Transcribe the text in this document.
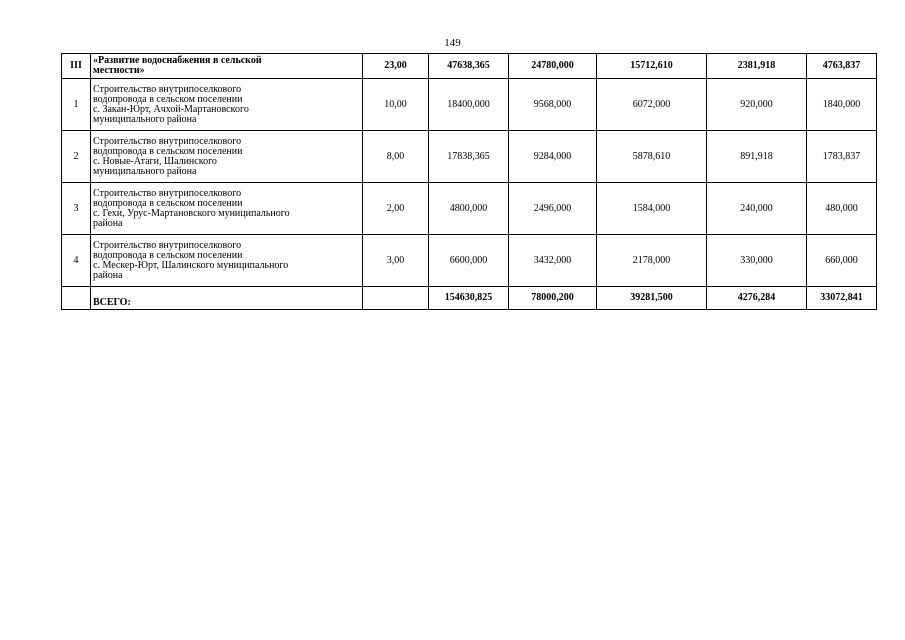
149
III	«Развитие водоснабжения в сельской
местности»	23,00	47638,365	24780,000	15712,610	2381,918	4763,837
1	Строительство внутрипоселкового
водопровода в сельском поселении
с. Закан-Юрт, Ачхой-Мартановского
муниципального района	10,00	18400,000	9568,000	6072,000	920,000	1840,000
2	Строительство внутрипоселкового
водопровода в сельском поселении
с. Новые-Атаги, Шалинского
муниципального района	8,00	17838,365	9284,000	5878,610	891,918	1783,837
3	Строительство внутрипоселкового
водопровода в сельском поселении
с. Гехи, Урус-Мартановского муниципального
района	2,00	4800,000	2496,000	1584,000	240,000	480,000
4	Строительство внутрипоселкового
водопровода в сельском поселении
с. Мескер-Юрт, Шалинского муниципального
района	3,00	6600,000	3432,000	2178,000	330,000	660,000
	ВСЕГО:		154630,825	78000,200	39281,500	4276,284	33072,841
